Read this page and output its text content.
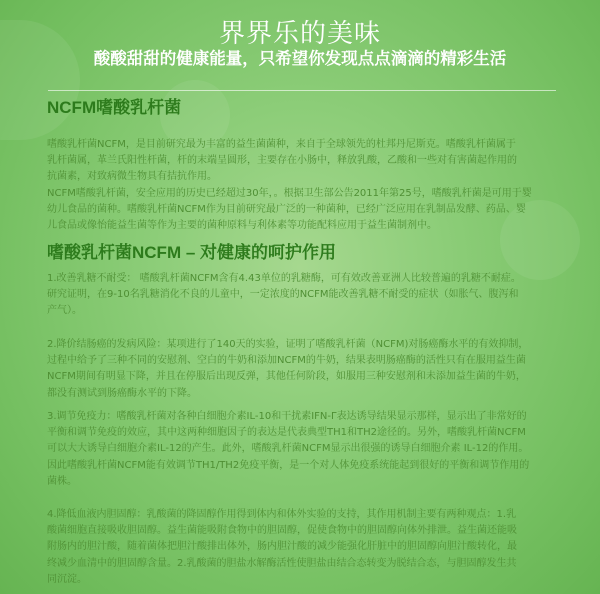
界界乐的美味
酸酸甜甜的健康能量，只希望你发现点点滴滴的精彩生活
NCFM嗜酸乳杆菌
嗜酸乳杆菌NCFM，是目前研究最为丰富的益生菌菌种，来自于全球领先的杜邦丹尼斯克。嗜酸乳杆菌属于
乳杆菌属，革兰氏阳性杆菌，杆的末端呈圆形，主要存在小肠中，释放乳酸，乙酸和一些对有害菌起作用的
抗菌素，对致病微生物具有拮抗作用。
NCFM嗜酸乳杆菌，安全应用的历史已经超过30年，。根据卫生部公告2011年第25号，嗜酸乳杆菌是可用于婴
幼儿食品的菌种。嗜酸乳杆菌NCFM作为目前研究最广泛的一种菌种，已经广泛应用在乳制品发酵、药品、婴
儿食品或像怡能益生菌等作为主要的菌种原料与利体素等功能配料应用于益生菌制剂中。
嗜酸乳杆菌NCFM – 对健康的呵护作用
1.改善乳糖不耐受： 嗜酸乳杆菌NCFM含有4.43单位的乳糖酶，可有效改善亚洲人比较普遍的乳糖不耐症。
研究证明，在9-10名乳糖消化不良的儿童中，一定浓度的NCFM能改善乳糖不耐受的症状（如胀气、腹泻和
产气）。
2.降价结肠癌的发病风险：某项进行了140天的实验，证明了嗜酸乳杆菌（NCFM)对肠癌酶水平的有效抑制，
过程中给予了三种不同的安慰剂、空白的牛奶和添加NCFM的牛奶，结果表明肠癌酶的活性只有在服用益生菌
NCFM期间有明显下降，并且在停服后出现反弹，其他任何阶段，如服用三种安慰剂和未添加益生菌的牛奶，
都没有测试到肠癌酶水平的下降。
3.调节免疫力：嗜酸乳杆菌对各种白细胞介素IL-10和干扰素IFN-Γ表达诱导结果显示那样，显示出了非常好的
平衡和调节免疫的效应，其中这两种细胞因子的表达是代表典型TH1和TH2途径的。另外，嗜酸乳杆菌NCFM
可以大大诱导白细胞介素IL-12的产生。此外，嗜酸乳杆菌NCFM显示出很强的诱导白细胞介素 IL-12的作用。
因此嗜酸乳杆菌NCFM能有效调节TH1/TH2免疫平衡，是一个对人体免疫系统能起到很好的平衡和调节作用的
菌株。
4.降低血液内胆固醇：乳酸菌的降固醇作用得到体内和体外实验的支持，其作用机制主要有两种观点：1.乳
酸菌细胞直接吸收胆固醇。益生菌能吸附食物中的胆固醇，促使食物中的胆固醇向体外排泄。益生菌还能吸
附肠内的胆汁酸，随着菌体把胆汁酸排出体外，肠内胆汁酸的减少能强化肝脏中的胆固醇向胆汁酸转化，最
终减少血清中的胆固醇含量。2.乳酸菌的胆盐水解酶活性使胆盐由结合态转变为脱结合态，与胆固醇发生共
同沉淀。
